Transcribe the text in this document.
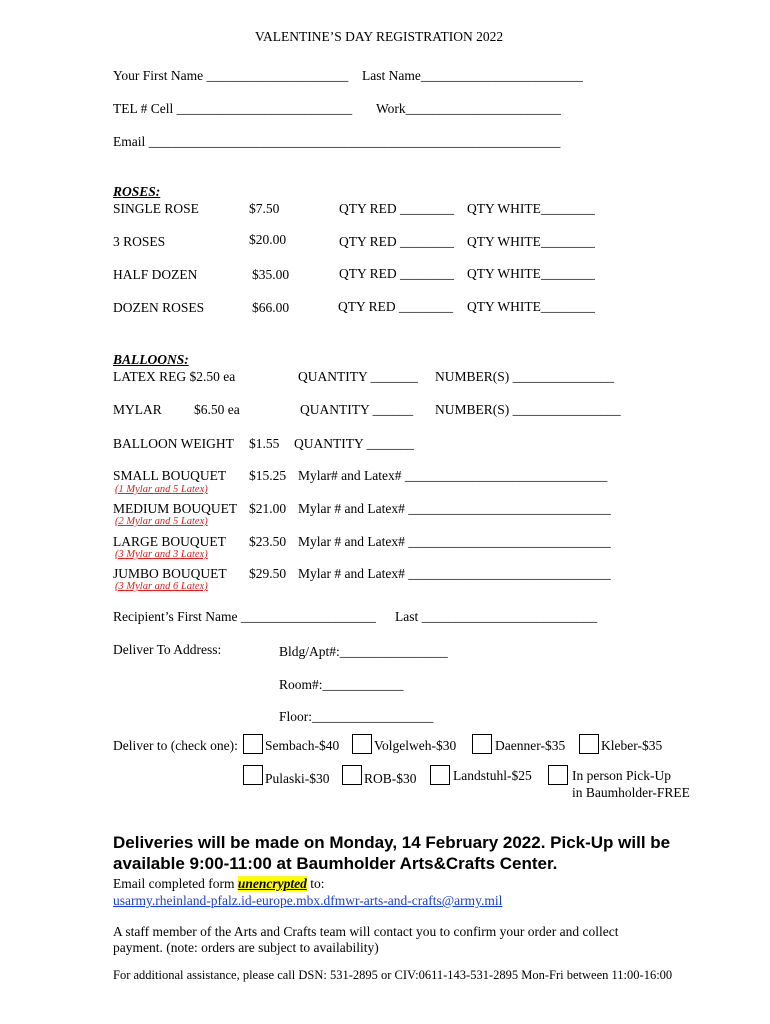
VALENTINE’S DAY REGISTRATION 2022
Your First Name _____________________ Last Name________________________
TEL # Cell __________________________ Work_______________________
Email _____________________________________________________________
ROSES:
SINGLE ROSE	$7.50	QTY RED ________ QTY WHITE________
3 ROSES	$20.00	QTY RED ________ QTY WHITE________
HALF DOZEN	$35.00	QTY RED ________ QTY WHITE________
DOZEN ROSES	$66.00	QTY RED ________ QTY WHITE________
BALLOONS:
LATEX REG $2.50 ea	QUANTITY _______ NUMBER(S) _______________
MYLAR $6.50 ea	QUANTITY ______ NUMBER(S) ________________
BALLOON WEIGHT $1.55 QUANTITY _______
SMALL BOUQUET $15.25 Mylar# and Latex# ______________________________
(1 Mylar and 5 Latex)
MEDIUM BOUQUET $21.00 Mylar # and Latex# ______________________________
(2 Mylar and 5 Latex)
LARGE BOUQUET $23.50 Mylar # and Latex# ______________________________
(3 Mylar and 3 Latex)
JUMBO BOUQUET $29.50 Mylar # and Latex# ______________________________
(3 Mylar and 6 Latex)
Recipient’s First Name ____________________ Last __________________________
Deliver To Address:	Bldg/Apt#:________________
Room#:____________
Floor:__________________
Deliver to (check one): Sembach-$40	Volgelweh-$30	Daenner-$35	Kleber-$35
Pulaski-$30	ROB-$30	Landstuhl-$25	In person Pick-Up
in Baumholder-FREE
Deliveries will be made on Monday, 14 February 2022. Pick-Up will be
available 9:00-11:00 at Baumholder Arts&Crafts Center.
Email completed form unencrypted to:
usarmy.rheinland-pfalz.id-europe.mbx.dfmwr-arts-and-crafts@army.mil
A staff member of the Arts and Crafts team will contact you to confirm your order and collect
payment. (note: orders are subject to availability)
For additional assistance, please call DSN: 531-2895 or CIV:0611-143-531-2895 Mon-Fri between 11:00-16:00
